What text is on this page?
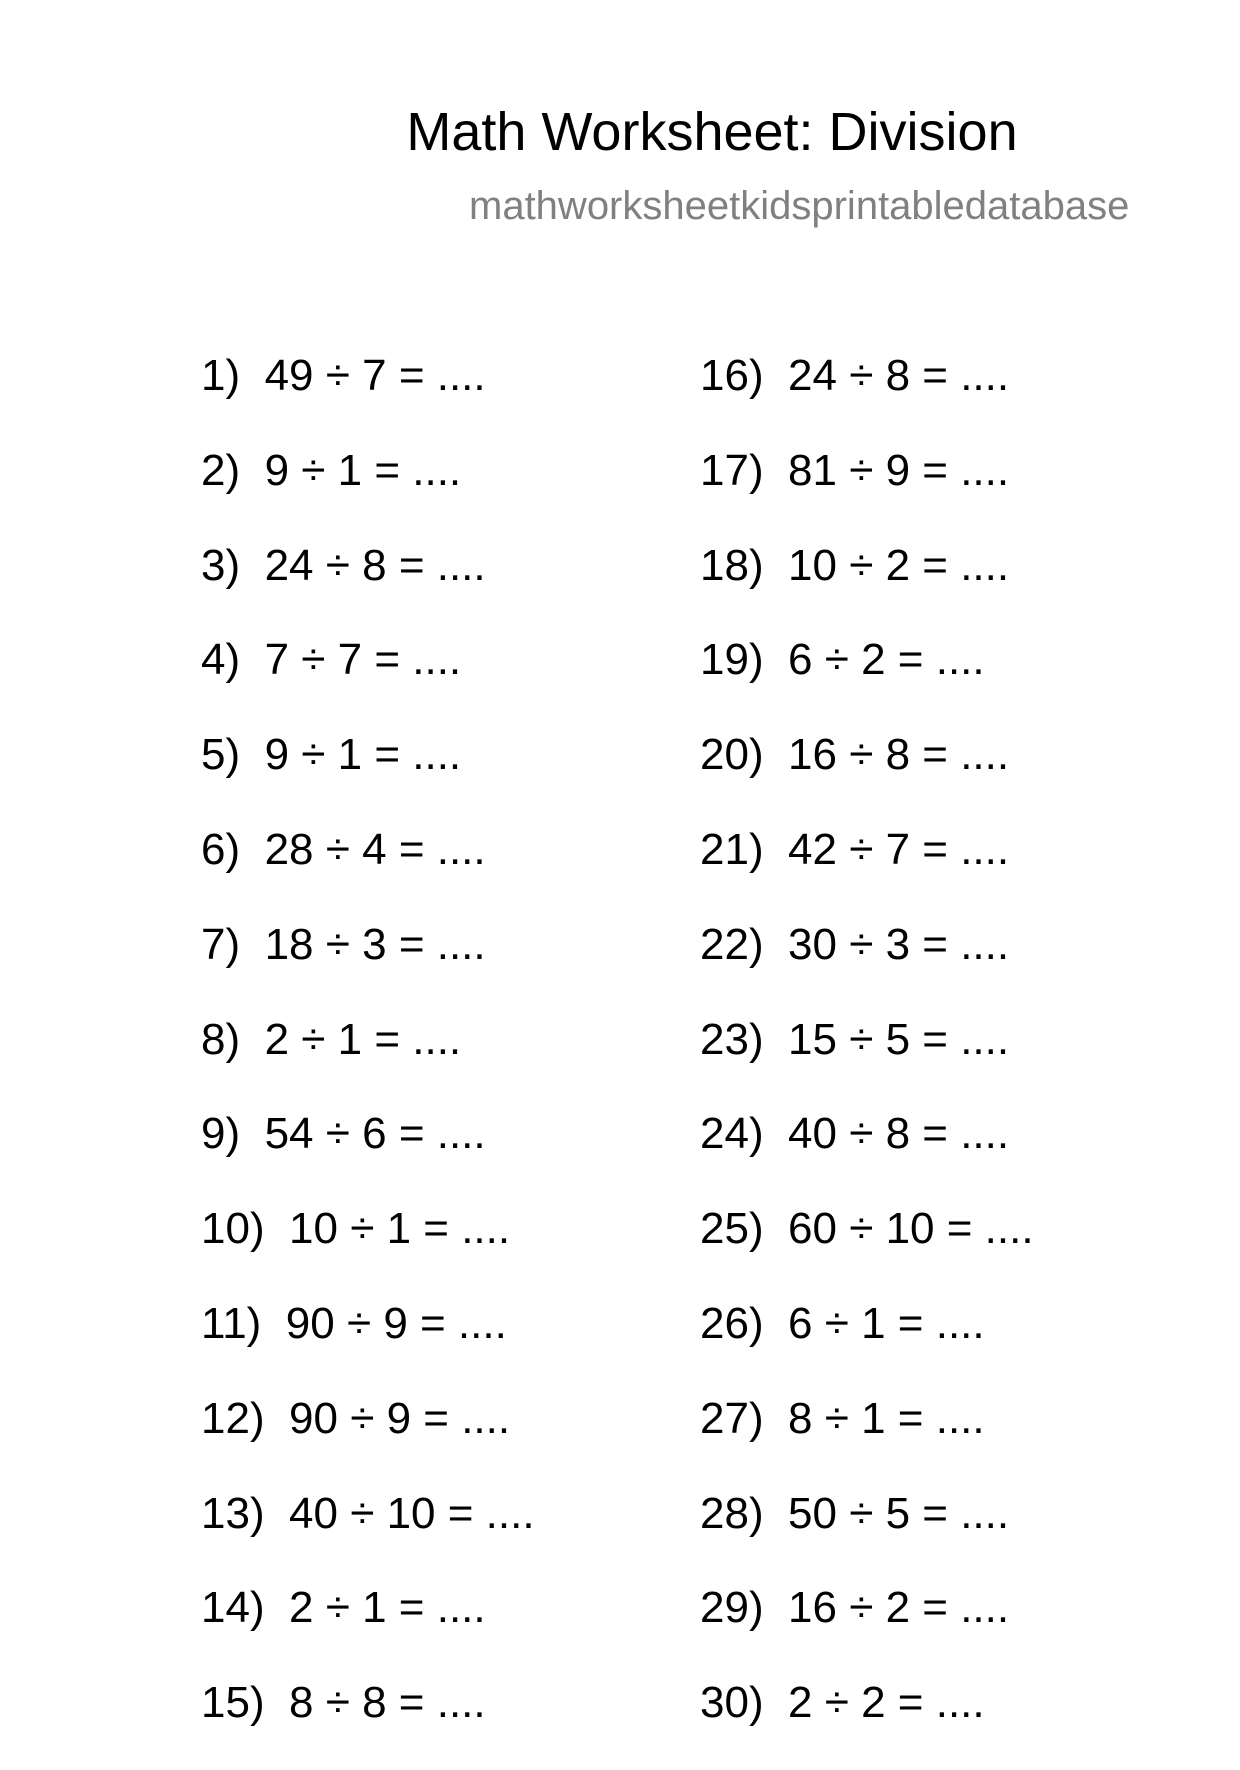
Math Worksheet: Division
mathworksheetkidsprintabledatabase
1) 49 ÷ 7 = ....
2) 9 ÷ 1 = ....
3) 24 ÷ 8 = ....
4) 7 ÷ 7 = ....
5) 9 ÷ 1 = ....
6) 28 ÷ 4 = ....
7) 18 ÷ 3 = ....
8) 2 ÷ 1 = ....
9) 54 ÷ 6 = ....
10) 10 ÷ 1 = ....
11) 90 ÷ 9 = ....
12) 90 ÷ 9 = ....
13) 40 ÷ 10 = ....
14) 2 ÷ 1 = ....
15) 8 ÷ 8 = ....
16) 24 ÷ 8 = ....
17) 81 ÷ 9 = ....
18) 10 ÷ 2 = ....
19) 6 ÷ 2 = ....
20) 16 ÷ 8 = ....
21) 42 ÷ 7 = ....
22) 30 ÷ 3 = ....
23) 15 ÷ 5 = ....
24) 40 ÷ 8 = ....
25) 60 ÷ 10 = ....
26) 6 ÷ 1 = ....
27) 8 ÷ 1 = ....
28) 50 ÷ 5 = ....
29) 16 ÷ 2 = ....
30) 2 ÷ 2 = ....
